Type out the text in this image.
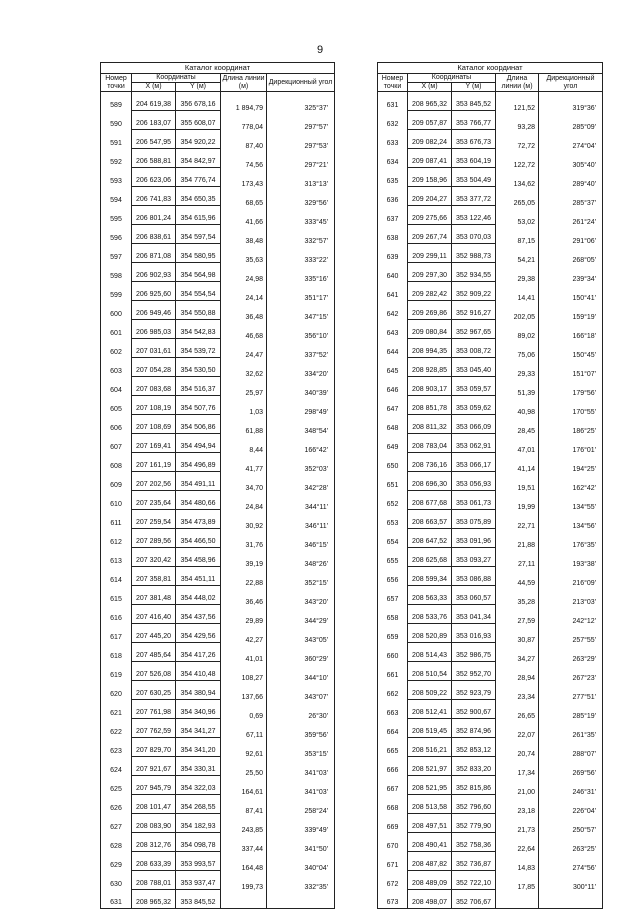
9
Каталог координат				
Номер точки	Координаты		Длина линии (м)	Дирекционный угол
	X (м)	Y (м)		
589	204 619,38	356 678,16	1 894,79	325°37'

590	206 183,07	355 608,07	778,04	297°57'

591	206 547,95	354 920,22	87,40	297°53'

592	206 588,81	354 842,97	74,56	297°21'

593	206 623,06	354 776,74	173,43	313°13'

594	206 741,83	354 650,35	68,65	329°56'

595	206 801,24	354 615,96	41,66	333°45'

596	206 838,61	354 597,54	38,48	332°57'

597	206 871,08	354 580,95	35,63	333°22'

598	206 902,93	354 564,98	24,98	335°16'

599	206 925,60	354 554,54	24,14	351°17'

600	206 949,46	354 550,88	36,48	347°15'

601	206 985,03	354 542,83	46,68	356°10'

602	207 031,61	354 539,72	24,47	337°52'

603	207 054,28	354 530,50	32,62	334°20'

604	207 083,68	354 516,37	25,97	340°39'

605	207 108,19	354 507,76	1,03	298°49'

606	207 108,69	354 506,86	61,88	348°54'

607	207 169,41	354 494,94	8,44	166°42'

608	207 161,19	354 496,89	41,77	352°03'

609	207 202,56	354 491,11	34,70	342°28'

610	207 235,64	354 480,66	24,84	344°11'

611	207 259,54	354 473,89	30,92	346°11'

612	207 289,56	354 466,50	31,76	346°15'

613	207 320,42	354 458,96	39,19	348°26'

614	207 358,81	354 451,11	22,88	352°15'

615	207 381,48	354 448,02	36,46	343°20'

616	207 416,40	354 437,56	29,89	344°29'

617	207 445,20	354 429,56	42,27	343°05'

618	207 485,64	354 417,26	41,01	360°29'

619	207 526,08	354 410,48	108,27	344°10'

620	207 630,25	354 380,94	137,66	343°07'

621	207 761,98	354 340,96	0,69	26°30'

622	207 762,59	354 341,27	67,11	359°56'

623	207 829,70	354 341,20	92,61	353°15'

624	207 921,67	354 330,31	25,50	341°03'

625	207 945,79	354 322,03	164,61	341°03'

626	208 101,47	354 268,55	87,41	258°24'

627	208 083,90	354 182,93	243,85	339°49'

628	208 312,76	354 098,78	337,44	341°50'

629	208 633,39	353 993,57	164,48	340°04'

630	208 788,01	353 937,47	199,73	332°35'

631	208 965,32	353 845,52	

Каталог координат				
Номер точки	Координаты		Длина линии (м)	Дирекционный угол
	X (м)	Y (м)		
631	208 965,32	353 845,52	121,52	319°36'

632	209 057,87	353 766,77	93,28	285°09'

633	209 082,24	353 676,73	72,72	274°04'

634	209 087,41	353 604,19	122,72	305°40'

635	209 158,96	353 504,49	134,62	289°40'

636	209 204,27	353 377,72	265,05	285°37'

637	209 275,66	353 122,46	53,02	261°24'

638	209 267,74	353 070,03	87,15	291°06'

639	209 299,11	352 988,73	54,21	268°05'

640	209 297,30	352 934,55	29,38	239°34'

641	209 282,42	352 909,22	14,41	150°41'

642	209 269,86	352 916,27	202,05	159°19'

643	209 080,84	352 967,65	89,02	166°18'

644	208 994,35	353 008,72	75,06	150°45'

645	208 928,85	353 045,40	29,33	151°07'

646	208 903,17	353 059,57	51,39	179°56'

647	208 851,78	353 059,62	40,98	170°55'

648	208 811,32	353 066,09	28,45	186°25'

649	208 783,04	353 062,91	47,01	176°01'

650	208 736,16	353 066,17	41,14	194°25'

651	208 696,30	353 056,93	19,51	162°42'

652	208 677,68	353 061,73	19,99	134°55'

653	208 663,57	353 075,89	22,71	134°56'

654	208 647,52	353 091,96	21,88	176°35'

655	208 625,68	353 093,27	27,11	193°38'

656	208 599,34	353 086,88	44,59	216°09'

657	208 563,33	353 060,57	35,28	213°03'

658	208 533,76	353 041,34	27,59	242°12'

659	208 520,89	353 016,93	30,87	257°55'

660	208 514,43	352 986,75	34,27	263°29'

661	208 510,54	352 952,70	28,94	267°23'

662	208 509,22	352 923,79	23,34	277°51'

663	208 512,41	352 900,67	26,65	285°19'

664	208 519,45	352 874,96	22,07	261°35'

665	208 516,21	352 853,12	20,74	288°07'

666	208 521,97	352 833,20	17,34	269°56'

667	208 521,95	352 815,86	21,00	246°31'

668	208 513,58	352 796,60	23,18	226°04'

669	208 497,51	352 779,90	21,73	250°57'

670	208 490,41	352 758,36	22,64	263°25'

671	208 487,82	352 736,87	14,83	274°56'

672	208 489,09	352 722,10	17,85	300°11'

673	208 498,07	352 706,67	
